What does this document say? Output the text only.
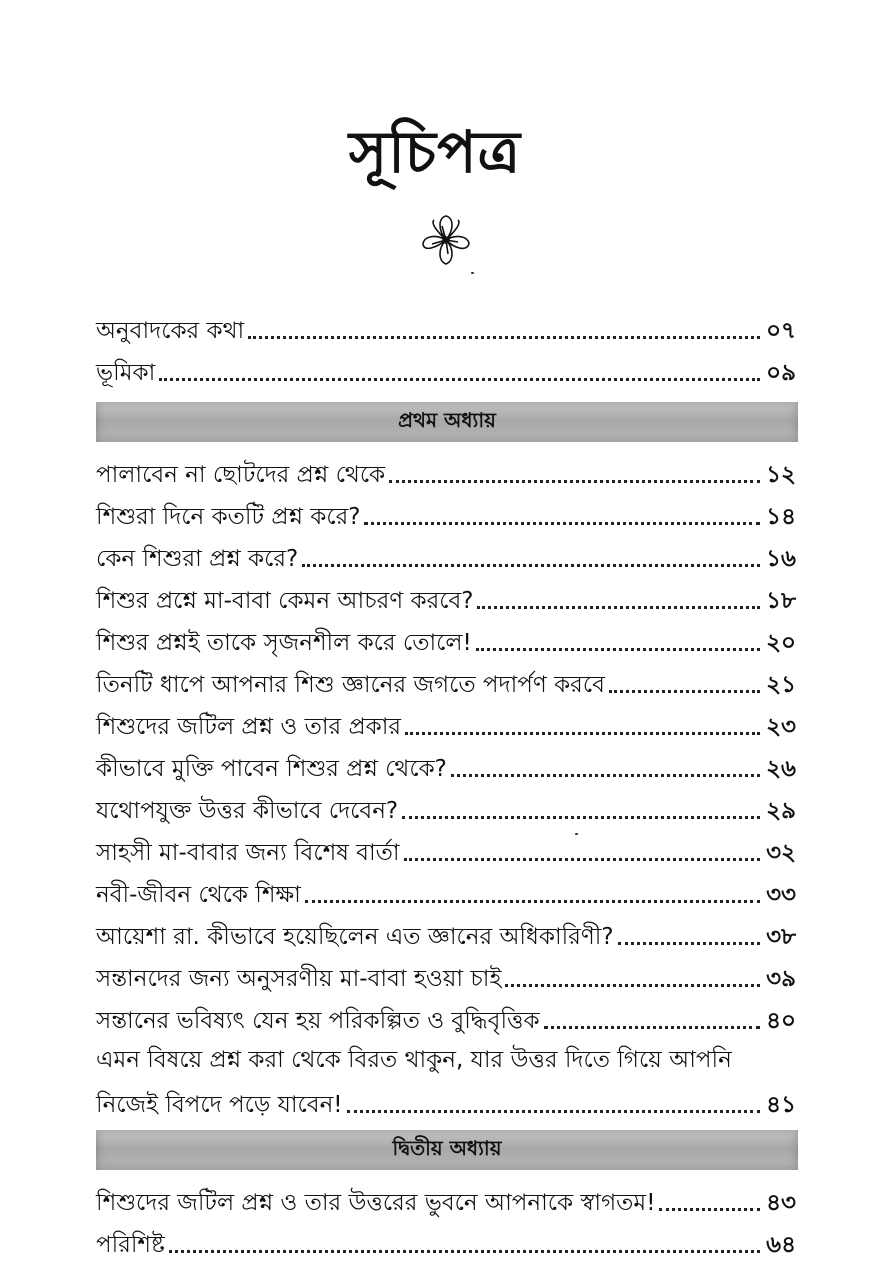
সূচিপত্র
অনুবাদকের কথা	০৭
ভূমিকা	০৯
প্রথম অধ্যায়
পালাবেন না ছোটদের প্রশ্ন থেকে	১২
শিশুরা দিনে কতটি প্রশ্ন করে?	১৪
কেন শিশুরা প্রশ্ন করে?	১৬
শিশুর প্রশ্নে মা-বাবা কেমন আচরণ করবে?	১৮
শিশুর প্রশ্নই তাকে সৃজনশীল করে তোলে!	২০
তিনটি ধাপে আপনার শিশু জ্ঞানের জগতে পদার্পণ করবে	২১
শিশুদের জটিল প্রশ্ন ও তার প্রকার	২৩
কীভাবে মুক্তি পাবেন শিশুর প্রশ্ন থেকে?	২৬
যথোপযুক্ত উত্তর কীভাবে দেবেন?	২৯
সাহসী মা-বাবার জন্য বিশেষ বার্তা	৩২
নবী-জীবন থেকে শিক্ষা	৩৩
আয়েশা রা. কীভাবে হয়েছিলেন এত জ্ঞানের অধিকারিণী?	৩৮
সন্তানদের জন্য অনুসরণীয় মা-বাবা হওয়া চাই	৩৯
সন্তানের ভবিষ্যৎ যেন হয় পরিকল্পিত ও বুদ্ধিবৃত্তিক	৪০
এমন বিষয়ে প্রশ্ন করা থেকে বিরত থাকুন, যার উত্তর দিতে গিয়ে আপনি
নিজেই বিপদে পড়ে যাবেন!	৪১
দ্বিতীয় অধ্যায়
শিশুদের জটিল প্রশ্ন ও তার উত্তরের ভুবনে আপনাকে স্বাগতম!	৪৩
পরিশিষ্ট	৬৪
